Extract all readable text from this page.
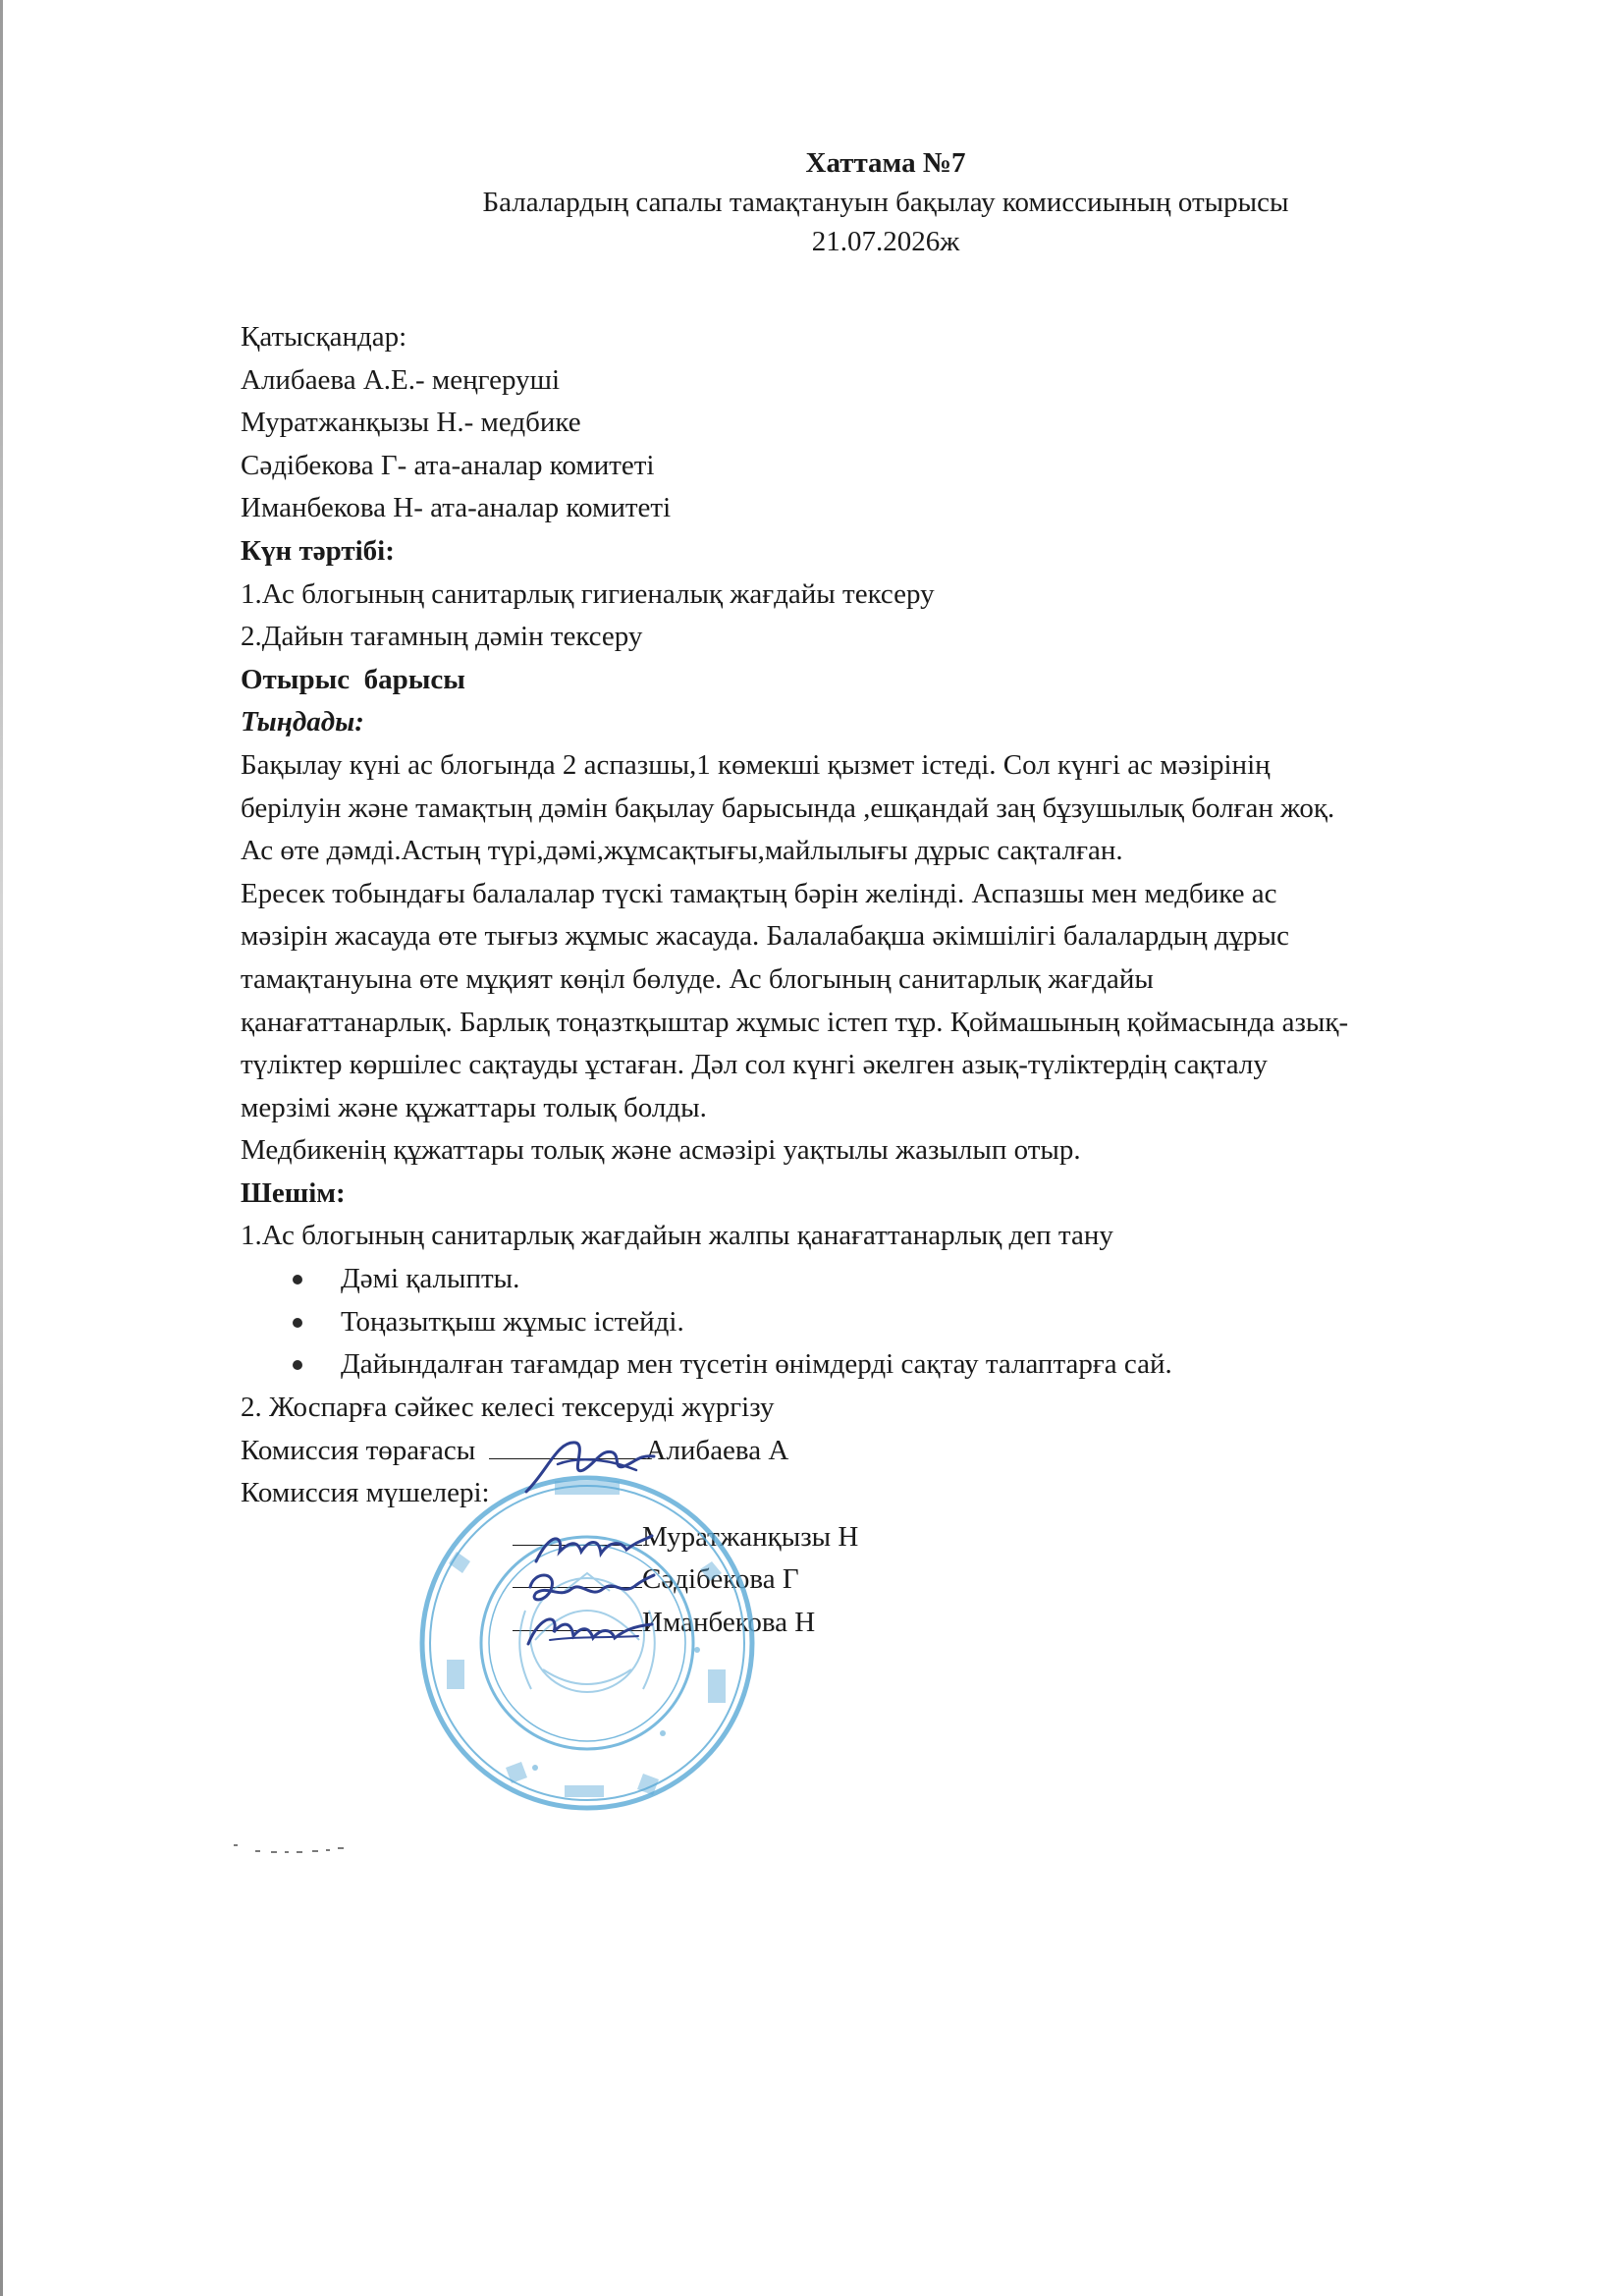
Хаттама №7
Балалардың сапалы тамақтануын бақылау комиссиының отырысы
21.07.2026ж
Қатысқандар:
Алибаева А.Е.- меңгеруші
Муратжанқызы Н.- медбике
Сәдібекова Г- ата-аналар комитеті
Иманбекова Н- ата-аналар комитеті
Күн тәртібі:
1.Ас блогының санитарлық гигиеналық жағдайы тексеру
2.Дайын тағамның дәмін тексеру
Отырыс  барысы
Тыңдады:
Бақылау күні ас блогында 2 аспазшы,1 көмекші қызмет істеді. Сол күнгі ас мәзірінің
берілуін және тамақтың дәмін бақылау барысында ,ешқандай заң бұзушылық болған жоқ.
Ас өте дәмді.Астың түрі,дәмі,жұмсақтығы,майлылығы дұрыс сақталған.
Ересек тобындағы балалалар түскі тамақтың бәрін желінді. Аспазшы мен медбике ас
мәзірін жасауда өте тығыз жұмыс жасауда. Балалабақша әкімшілігі балалардың дұрыс
тамақтануына өте мұқият көңіл бөлуде. Ас блогының санитарлық жағдайы
қанағаттанарлық. Барлық тоңазтқыштар жұмыс істеп тұр. Қоймашының қоймасында азық-
түліктер көршілес сақтауды ұстаған. Дәл сол күнгі әкелген азық-түліктердің сақталу
мерзімі және құжаттары толық болды.
Медбикенің құжаттары толық және асмәзірі уақтылы жазылып отыр.
Шешім:
1.Ас блогының санитарлық жағдайын жалпы қанағаттанарлық деп тану
Дәмі қалыпты.
Тоңазытқыш жұмыс істейді.
Дайындалған тағамдар мен түсетін өнімдерді сақтау талаптарға сай.
2. Жоспарға сәйкес келесі тексеруді жүргізу
Комиссия төрағасы	Алибаева А
Комиссия мүшелері:
Муратжанқызы Н
Сәдібекова Г
Иманбекова Н
